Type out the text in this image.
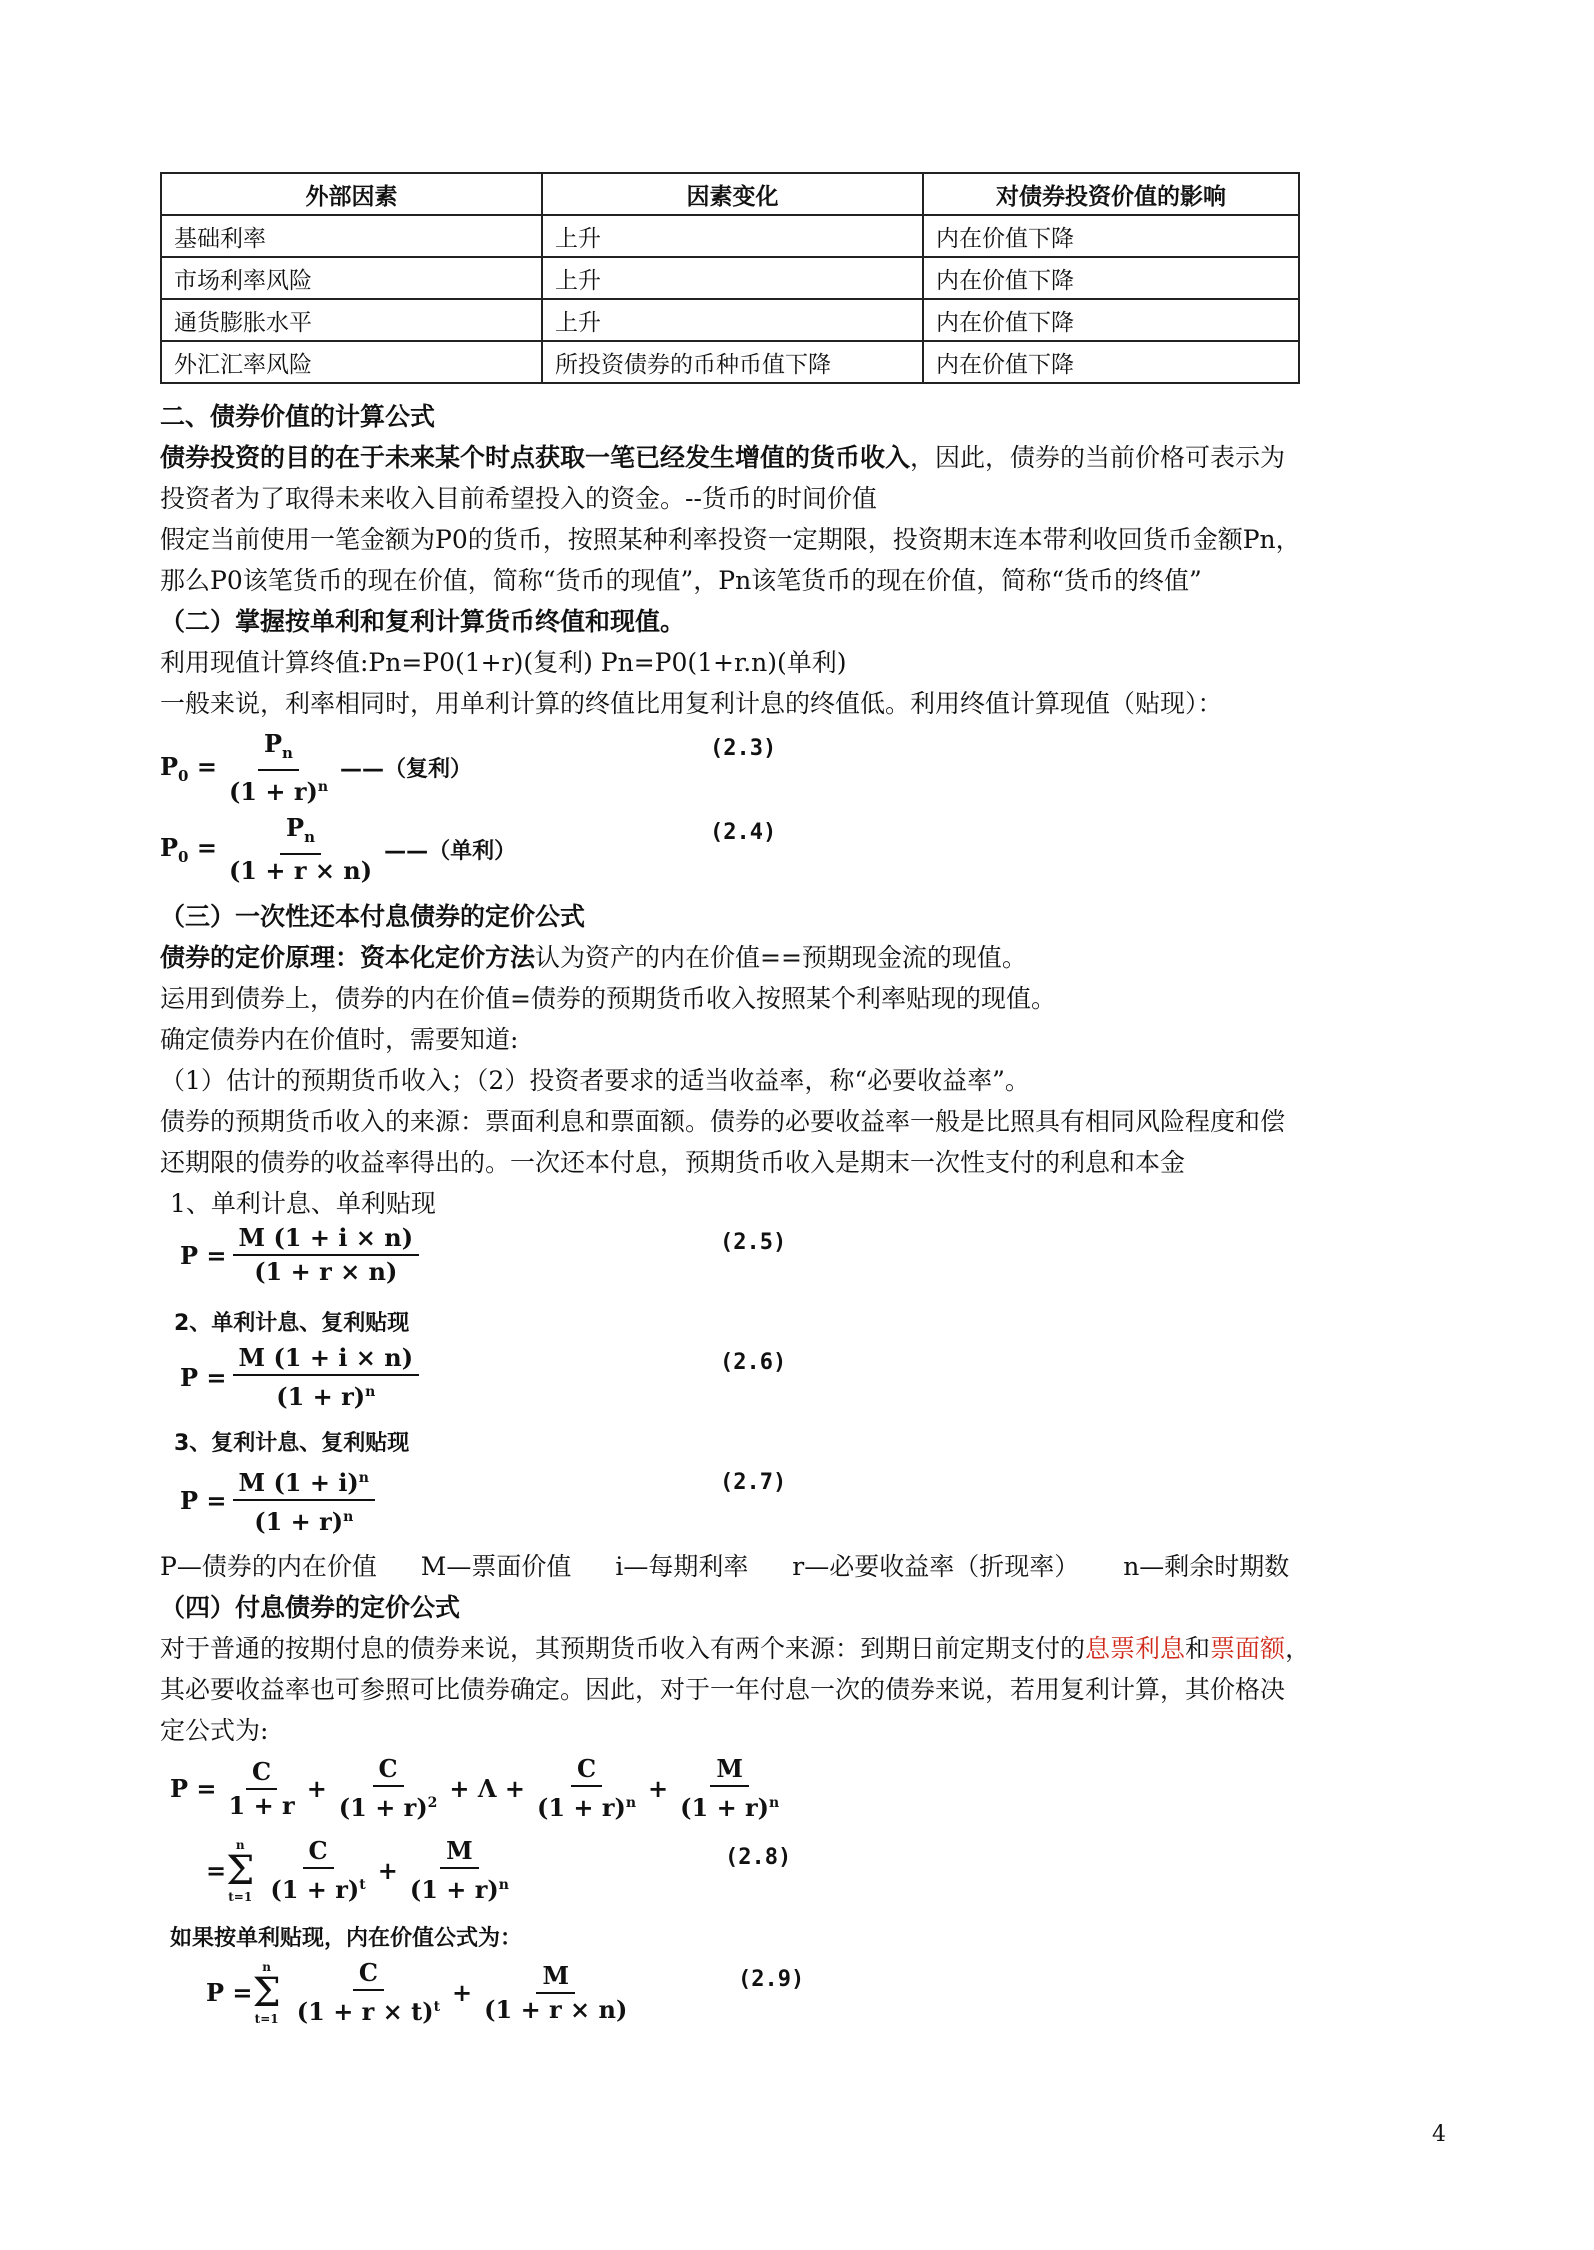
外部因素	因素变化	对债券投资价值的影响
基础利率	上升	内在价值下降
市场利率风险	上升	内在价值下降
通货膨胀水平	上升	内在价值下降
外汇汇率风险	所投资债券的币种币值下降	内在价值下降
二、债券价值的计算公式
债券投资的目的在于未来某个时点获取一笔已经发生增值的货币收入，因此，债券的当前价格可表示为
投资者为了取得未来收入目前希望投入的资金。--货币的时间价值
假定当前使用一笔金额为P0的货币，按照某种利率投资一定期限，投资期末连本带利收回货币金额Pn，
那么P0该笔货币的现在价值，简称“货币的现值”，Pn该笔货币的现在价值，简称“货币的终值”
（二）掌握按单利和复利计算货币终值和现值。
利用现值计算终值:Pn=P0(1+r)(复利) Pn=P0(1+r.n)(单利)
一般来说，利率相同时，用单利计算的终值比用复利计息的终值低。利用终值计算现值（贴现）：
$P_0 = \frac{P_n}{(1 + r)^n}$ ——（复利）
(2.3)
$P_0 = \frac{P_n}{(1 + r \times n)}$ ——（单利）
(2.4)
（三）一次性还本付息债券的定价公式
债券的定价原理：资本化定价方法认为资产的内在价值==预期现金流的现值。
运用到债券上，债券的内在价值=债券的预期货币收入按照某个利率贴现的现值。
确定债券内在价值时，需要知道:
（1）估计的预期货币收入；（2）投资者要求的适当收益率，称“必要收益率”。
债券的预期货币收入的来源：票面利息和票面额。债券的必要收益率一般是比照具有相同风险程度和偿
还期限的债券的收益率得出的。一次还本付息，预期货币收入是期末一次性支付的利息和本金
1、单利计息、单利贴现
$P = \frac{M (1 + i \times n)}{(1 + r \times n)}$	(2.5)
2、单利计息、复利贴现
$P = \frac{M (1 + i \times n)}{(1 + r)^n}$	(2.6)
3、复利计息、复利贴现
$P = \frac{M (1 + i)^n}{(1 + r)^n}$	(2.7)
P—债券的内在价值 M—票面价值 i—每期利率 r—必要收益率（折现率） n—剩余时期数
（四）付息债券的定价公式
对于普通的按期付息的债券来说，其预期货币收入有两个来源：到期日前定期支付的息票利息和票面额，
其必要收益率也可参照可比债券确定。因此，对于一年付息一次的债券来说，若用复利计算，其价格决
定公式为:
$P = \frac{C}{1 + r} + \frac{C}{(1 + r)^2} + \Lambda + \frac{C}{(1 + r)^n} + \frac{M}{(1 + r)^n}$
=
n
Σ
$t=1 \frac{C}{(1 + r)^t} + \frac{M}{(1 + r)^n}$	(2.8)
如果按单利贴现，内在价值公式为：
P =
n
Σ
$t=1 \frac{C}{(1 + r \times t)^t} + \frac{M}{(1 + r \times n)}$	(2.9)
4
